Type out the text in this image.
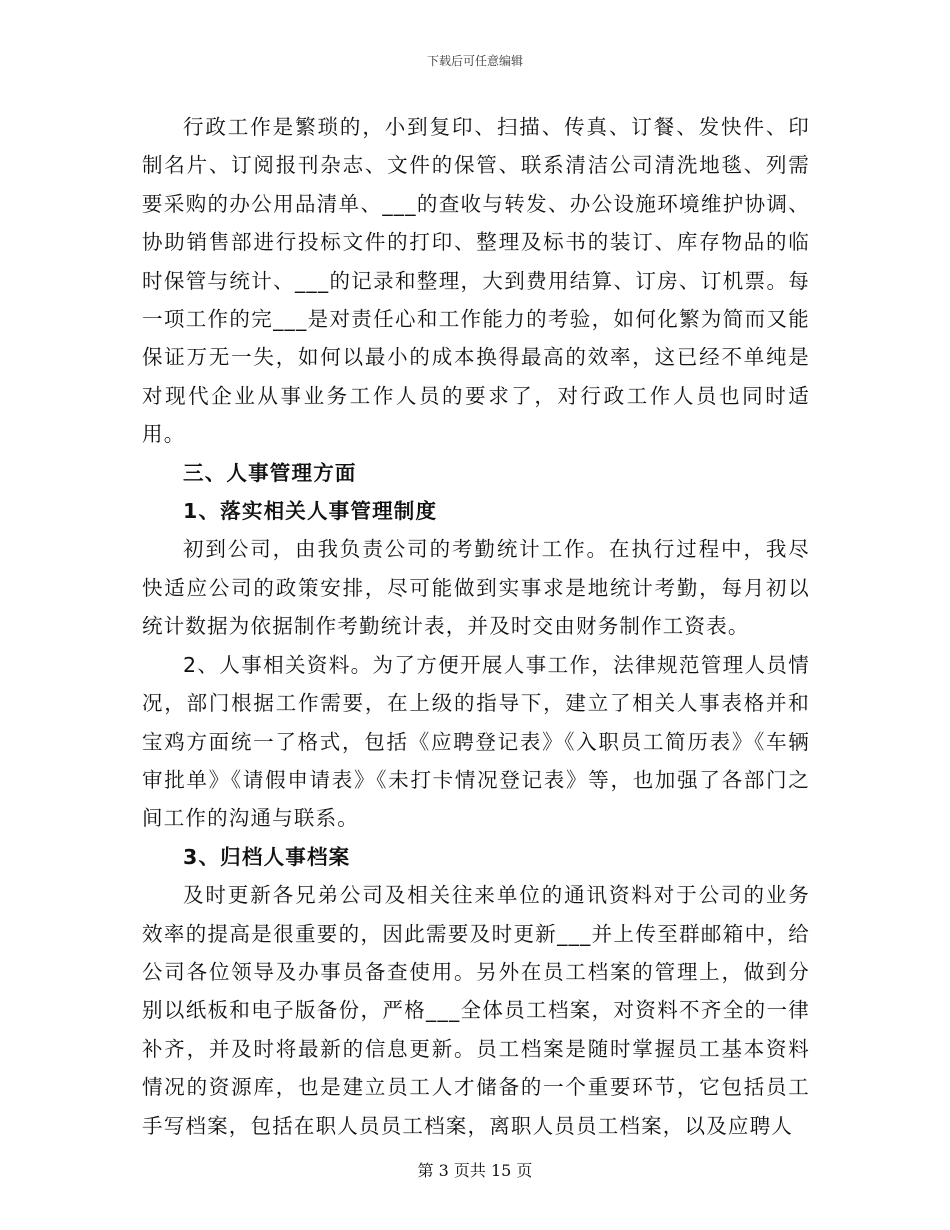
下载后可任意编辑

行政工作是繁琐的，小到复印、扫描、传真、订餐、发快件、印制名片、订阅报刊杂志、文件的保管、联系清洁公司清洗地毯、列需要采购的办公用品清单、___的查收与转发、办公设施环境维护协调、协助销售部进行投标文件的打印、整理及标书的装订、库存物品的临时保管与统计、___的记录和整理，大到费用结算、订房、订机票。每一项工作的完___是对责任心和工作能力的考验，如何化繁为简而又能保证万无一失，如何以最小的成本换得最高的效率，这已经不单纯是对现代企业从事业务工作人员的要求了，对行政工作人员也同时适用。

三、人事管理方面

1、落实相关人事管理制度

初到公司，由我负责公司的考勤统计工作。在执行过程中，我尽快适应公司的政策安排，尽可能做到实事求是地统计考勤，每月初以统计数据为依据制作考勤统计表，并及时交由财务制作工资表。

2、人事相关资料。为了方便开展人事工作，法律规范管理人员情况，部门根据工作需要，在上级的指导下，建立了相关人事表格并和宝鸡方面统一了格式，包括《应聘登记表》《入职员工简历表》《车辆审批单》《请假申请表》《未打卡情况登记表》等，也加强了各部门之间工作的沟通与联系。

3、归档人事档案

及时更新各兄弟公司及相关往来单位的通讯资料对于公司的业务效率的提高是很重要的，因此需要及时更新___并上传至群邮箱中，给公司各位领导及办事员备查使用。另外在员工档案的管理上，做到分别以纸板和电子版备份，严格___全体员工档案，对资料不齐全的一律补齐，并及时将最新的信息更新。员工档案是随时掌握员工基本资料情况的资源库，也是建立员工人才储备的一个重要环节，它包括员工手写档案，包括在职人员员工档案，离职人员员工档案，以及应聘人

第 3 页共 15 页
